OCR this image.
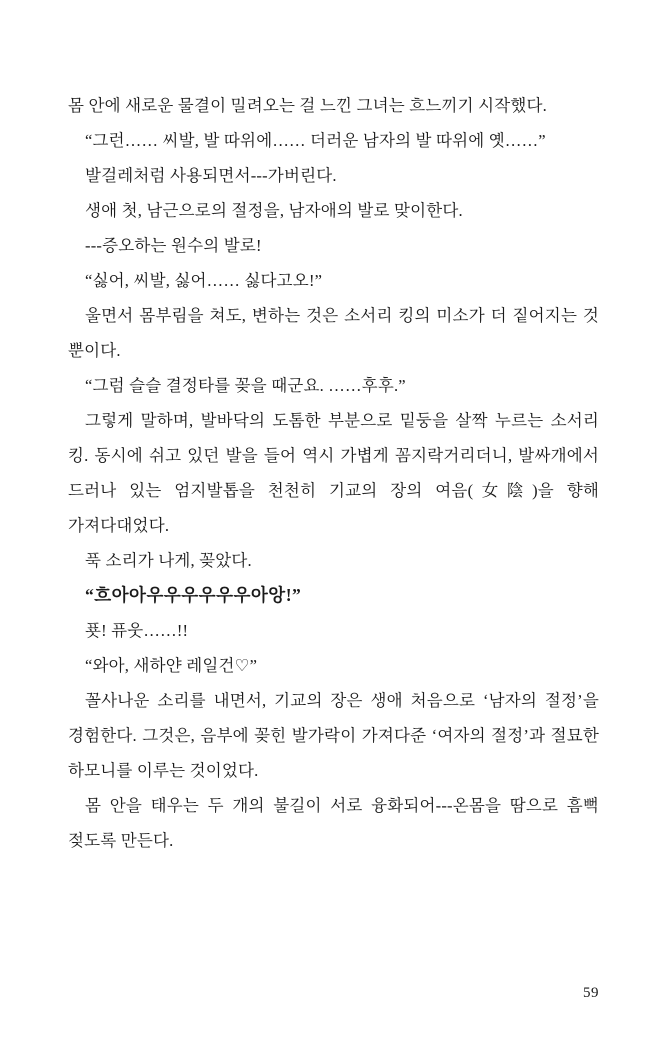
몸 안에 새로운 물결이 밀려오는 걸 느낀 그녀는 흐느끼기 시작했다.

“그런…… 씨발, 발 따위에…… 더러운 남자의 발 따위에 옛……”

발걸레처럼 사용되면서---가버린다.

생애 첫, 남근으로의 절정을, 남자애의 발로 맞이한다.

---증오하는 원수의 발로!

“싫어, 씨발, 싫어…… 싫다고오!”

울면서 몸부림을 쳐도, 변하는 것은 소서리 킹의 미소가 더 짙어지는 것 뿐이다.

“그럼 슬슬 결정타를 꽂을 때군요. ……후후.”

그렇게 말하며, 발바닥의 도톰한 부분으로 밑둥을 살짝 누르는 소서리 킹. 동시에 쉬고 있던 발을 들어 역시 가볍게 꼼지락거리더니, 발싸개에서 드러나 있는 엄지발톱을 천천히 기교의 장의 여음(女陰)을 향해 가져다대었다.

푹 소리가 나게, 꽂았다.

“흐아아우우우우우우아앙!”

푯! 퓨웃……!!

“와아, 새하얀 레일건♡”

꼴사나운 소리를 내면서, 기교의 장은 생애 처음으로 ‘남자의 절정’을 경험한다. 그것은, 음부에 꽂힌 발가락이 가져다준 ‘여자의 절정’과 절묘한 하모니를 이루는 것이었다.

몸 안을 태우는 두 개의 불길이 서로 융화되어---온몸을 땀으로 흠뻑 젖도록 만든다.

59
